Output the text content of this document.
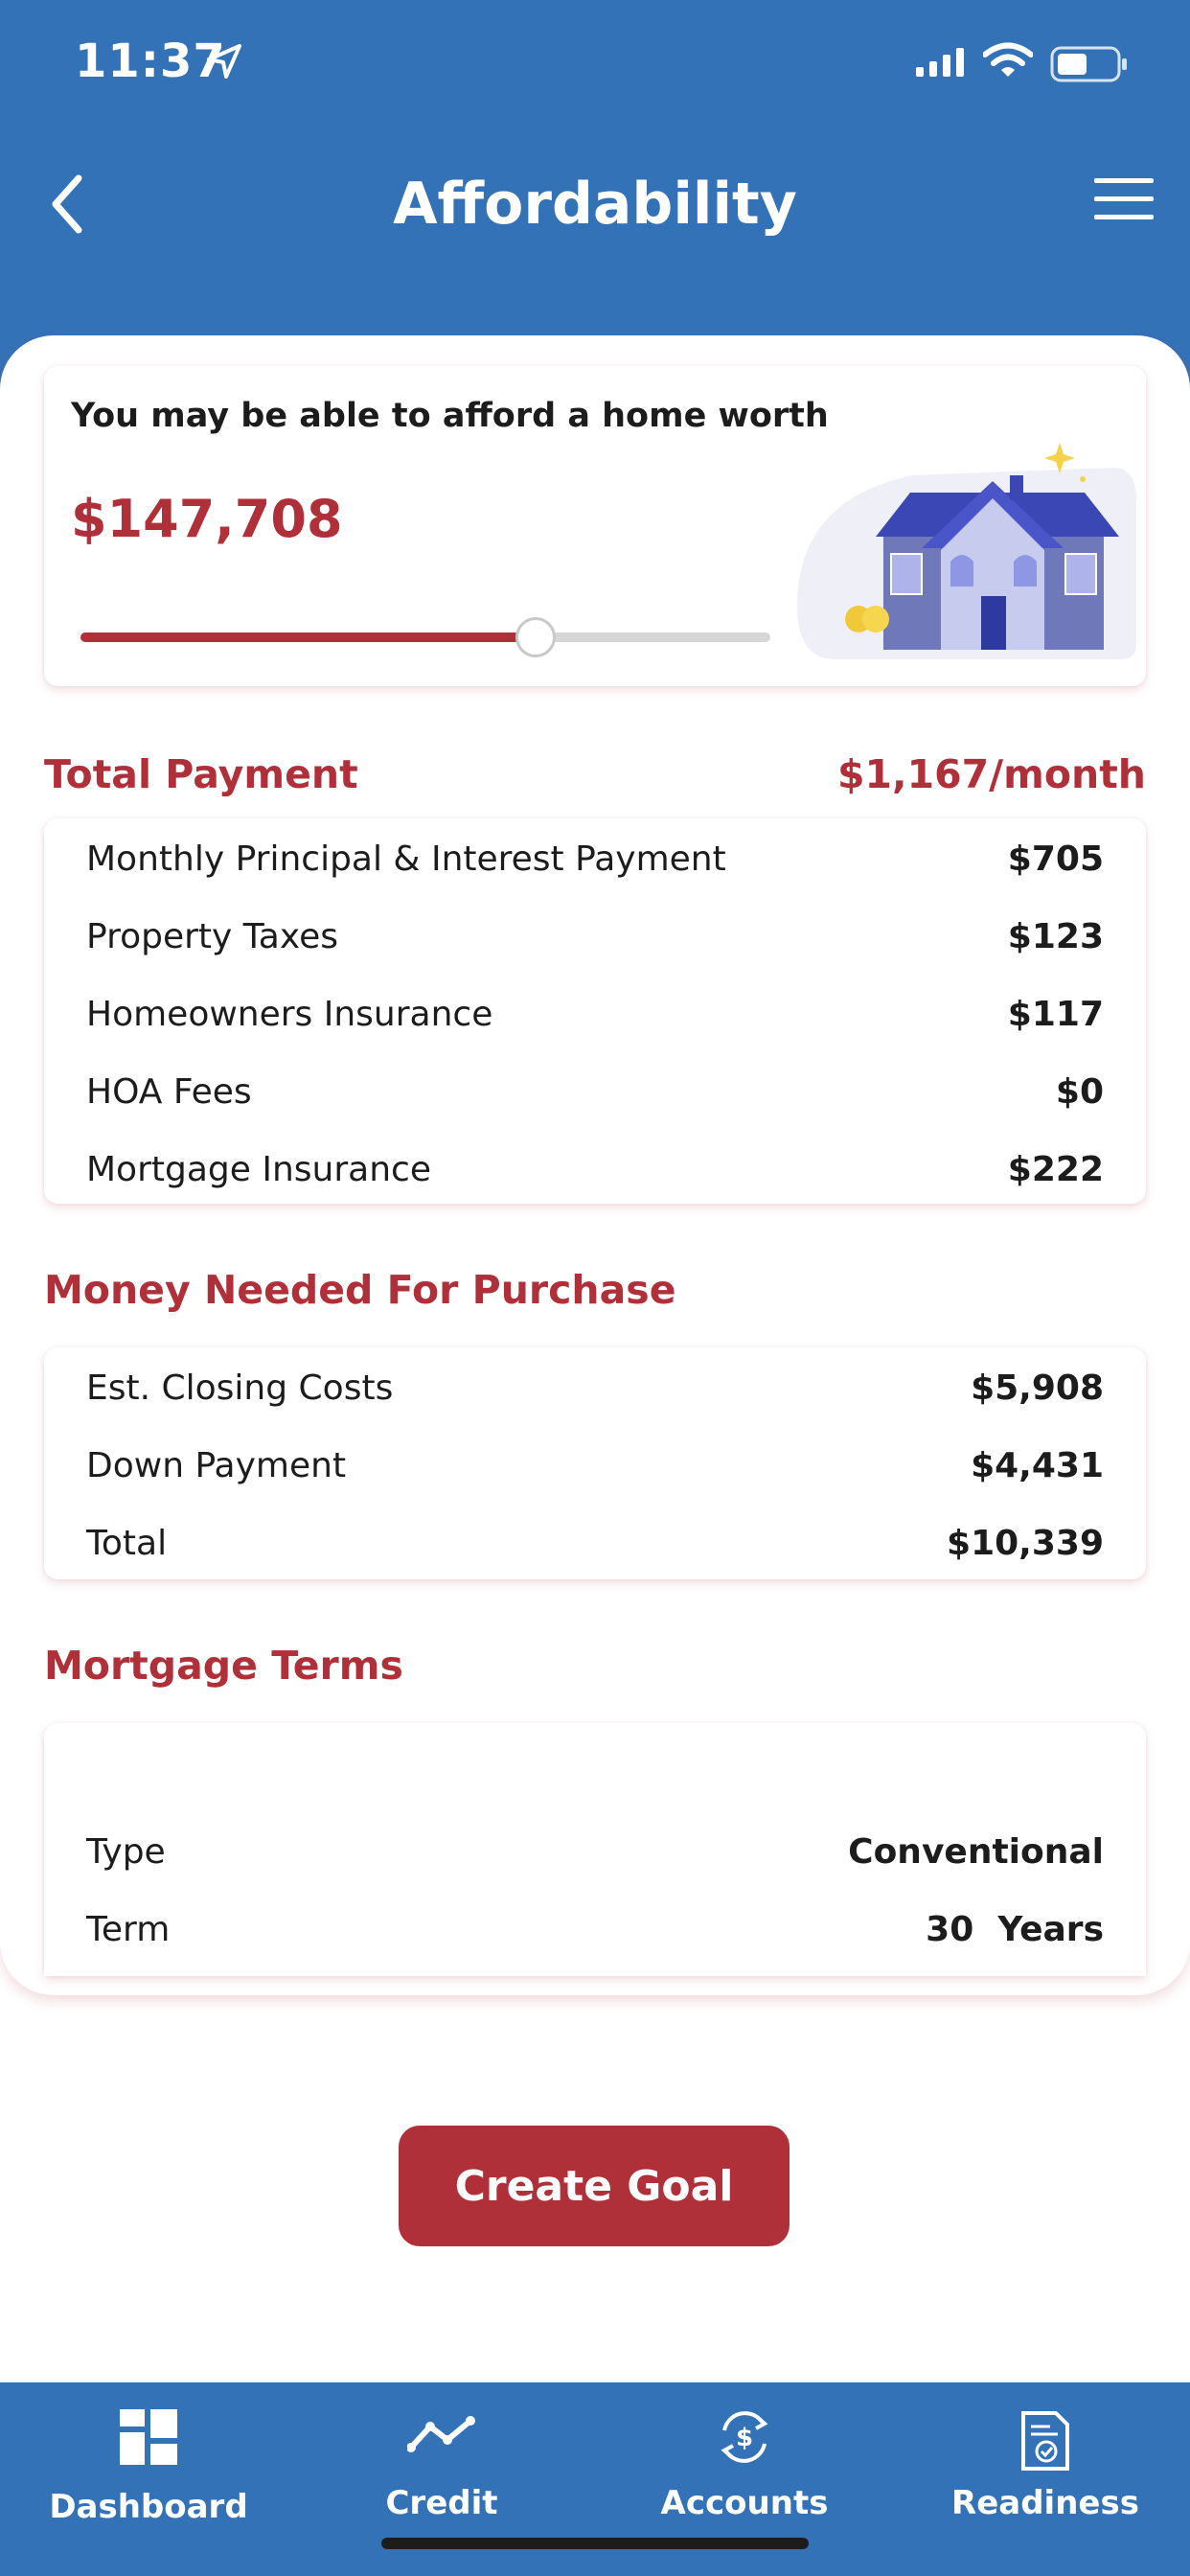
11:37
Affordability
You may be able to afford a home worth
$147,708
Total Payment	$1,167/month
Monthly Principal & Interest Payment	$705
Property Taxes	$123
Homeowners Insurance	$117
HOA Fees	$0
Mortgage Insurance	$222
Money Needed For Purchase
Est. Closing Costs	$5,908
Down Payment	$4,431
Total	$10,339
Mortgage Terms
Type	Conventional
Term	30  Years
Create Goal
Dashboard	Credit
$
Accounts	Readiness
